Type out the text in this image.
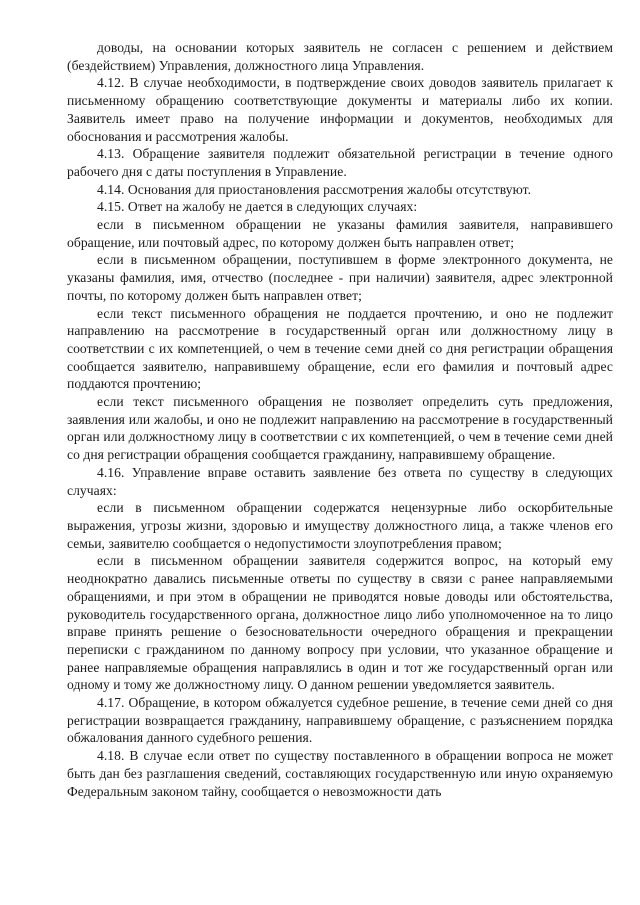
доводы, на основании которых заявитель не согласен с решением и действием (бездействием) Управления, должностного лица Управления.

4.12. В случае необходимости, в подтверждение своих доводов заявитель прилагает к письменному обращению соответствующие документы и материалы либо их копии. Заявитель имеет право на получение информации и документов, необходимых для обоснования и рассмотрения жалобы.

4.13. Обращение заявителя подлежит обязательной регистрации в течение одного рабочего дня с даты поступления в Управление.

4.14. Основания для приостановления рассмотрения жалобы отсутствуют.

4.15. Ответ на жалобу не дается в следующих случаях:

если в письменном обращении не указаны фамилия заявителя, направившего обращение, или почтовый адрес, по которому должен быть направлен ответ;

если в письменном обращении, поступившем в форме электронного документа, не указаны фамилия, имя, отчество (последнее - при наличии) заявителя, адрес электронной почты, по которому должен быть направлен ответ;

если текст письменного обращения не поддается прочтению, и оно не подлежит направлению на рассмотрение в государственный орган или должностному лицу в соответствии с их компетенцией, о чем в течение семи дней со дня регистрации обращения сообщается заявителю, направившему обращение, если его фамилия и почтовый адрес поддаются прочтению;

если текст письменного обращения не позволяет определить суть предложения, заявления или жалобы, и оно не подлежит направлению на рассмотрение в государственный орган или должностному лицу в соответствии с их компетенцией, о чем в течение семи дней со дня регистрации обращения сообщается гражданину, направившему обращение.

4.16. Управление вправе оставить заявление без ответа по существу в следующих случаях:

если в письменном обращении содержатся нецензурные либо оскорбительные выражения, угрозы жизни, здоровью и имуществу должностного лица, а также членов его семьи, заявителю сообщается о недопустимости злоупотребления правом;

если в письменном обращении заявителя содержится вопрос, на который ему неоднократно давались письменные ответы по существу в связи с ранее направляемыми обращениями, и при этом в обращении не приводятся новые доводы или обстоятельства, руководитель государственного органа, должностное лицо либо уполномоченное на то лицо вправе принять решение о безосновательности очередного обращения и прекращении переписки с гражданином по данному вопросу при условии, что указанное обращение и ранее направляемые обращения направлялись в один и тот же государственный орган или одному и тому же должностному лицу. О данном решении уведомляется заявитель.

4.17. Обращение, в котором обжалуется судебное решение, в течение семи дней со дня регистрации возвращается гражданину, направившему обращение, с разъяснением порядка обжалования данного судебного решения.

4.18. В случае если ответ по существу поставленного в обращении вопроса не может быть дан без разглашения сведений, составляющих государственную или иную охраняемую Федеральным законом тайну, сообщается о невозможности дать
